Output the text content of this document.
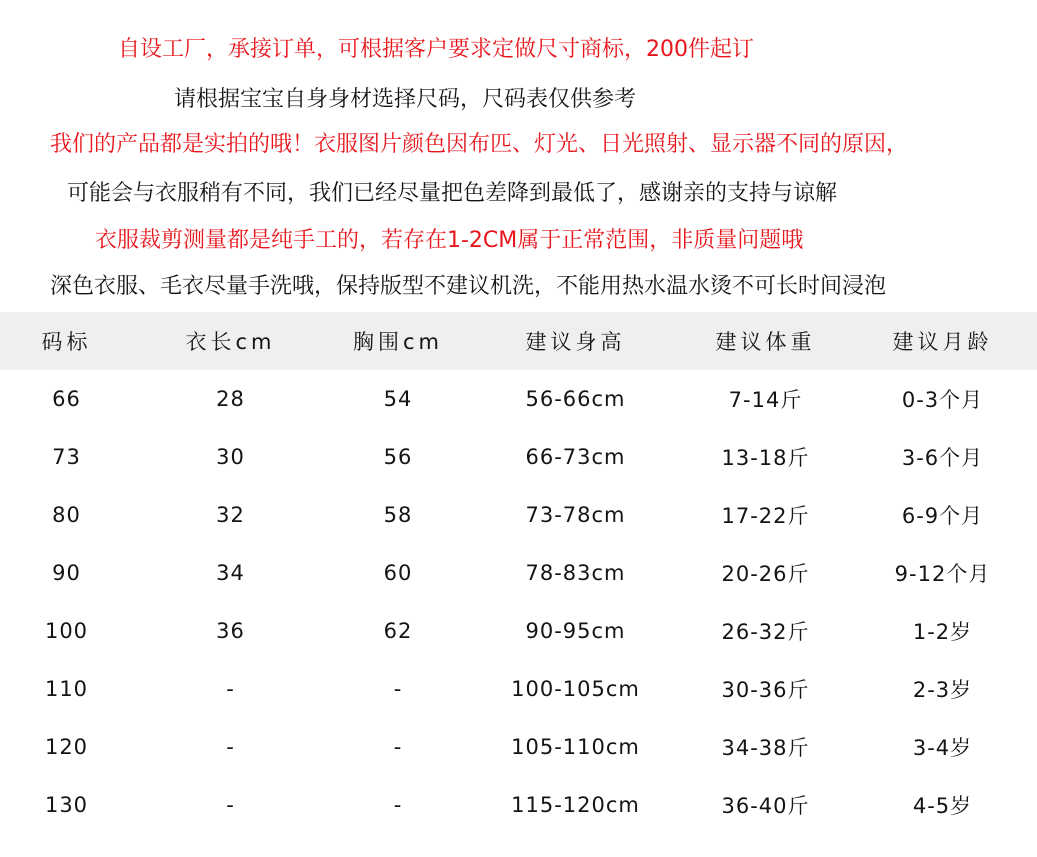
自设工厂，承接订单，可根据客户要求定做尺寸商标，200件起订
请根据宝宝自身身材选择尺码，尺码表仅供参考
我们的产品都是实拍的哦！衣服图片颜色因布匹、灯光、日光照射、显示器不同的原因，
可能会与衣服稍有不同，我们已经尽量把色差降到最低了，感谢亲的支持与谅解
衣服裁剪测量都是纯手工的，若存在1-2CM属于正常范围，非质量问题哦
深色衣服、毛衣尽量手洗哦，保持版型不建议机洗，不能用热水温水烫不可长时间浸泡
码标	衣长cm	胸围cm	建议身高	建议体重	建议月龄
66	28	54	56-66cm	7-14斤	0-3个月
73	30	56	66-73cm	13-18斤	3-6个月
80	32	58	73-78cm	17-22斤	6-9个月
90	34	60	78-83cm	20-26斤	9-12个月
100	36	62	90-95cm	26-32斤	1-2岁
110	-	-	100-105cm	30-36斤	2-3岁
120	-	-	105-110cm	34-38斤	3-4岁
130	-	-	115-120cm	36-40斤	4-5岁
